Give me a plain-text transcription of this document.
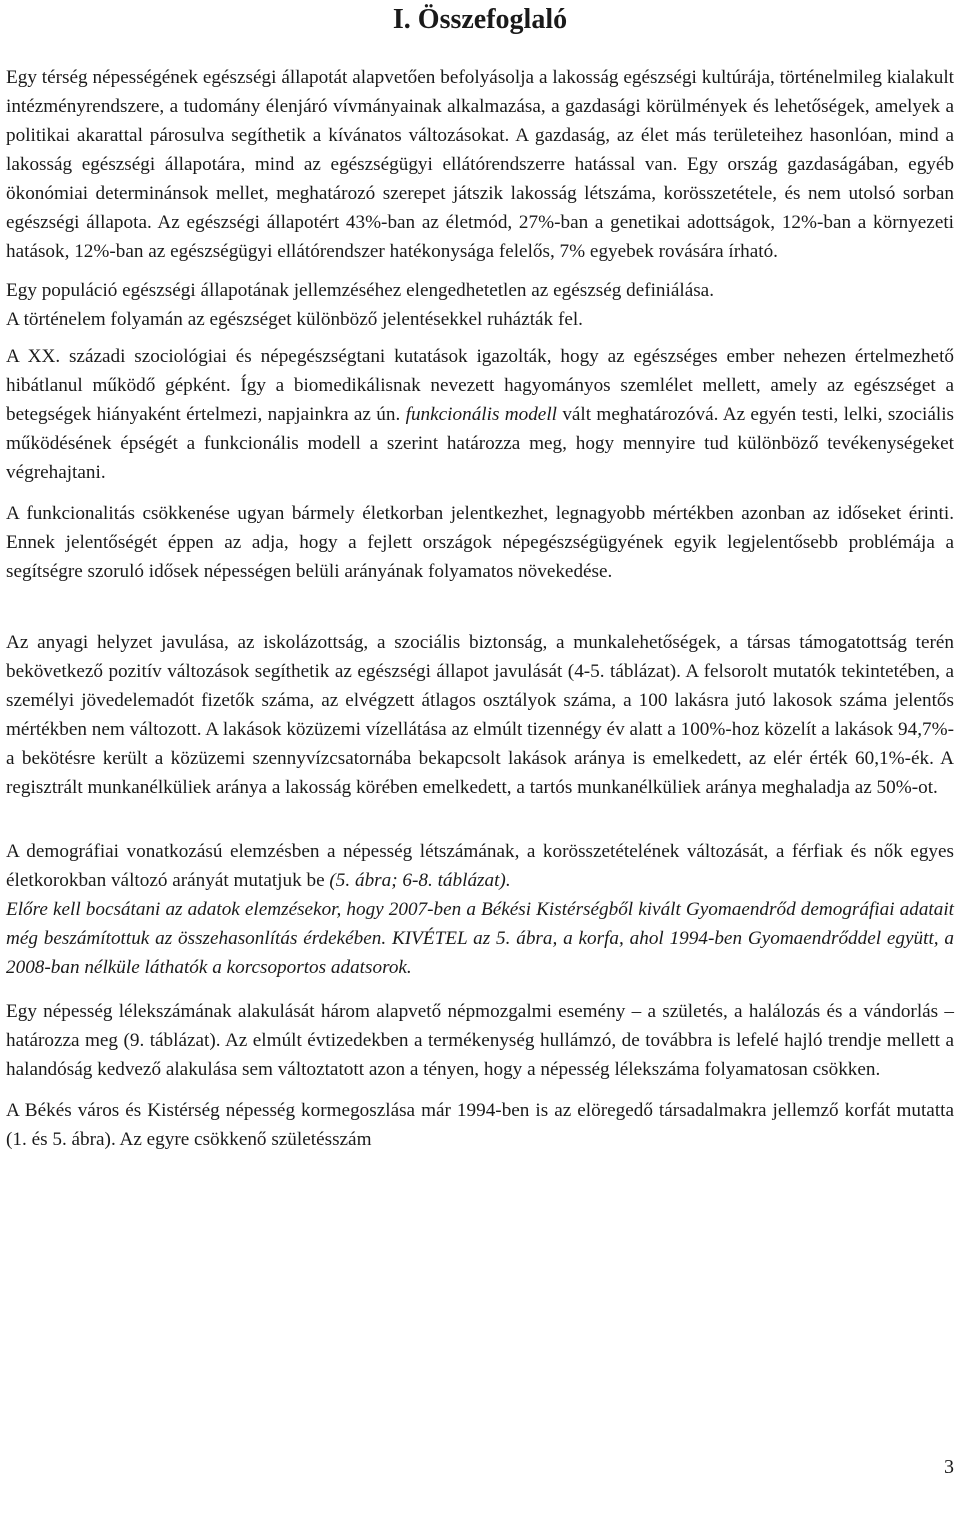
I. Összefoglaló

Egy térség népességének egészségi állapotát alapvetően befolyásolja a lakosság egészségi kultúrája, történelmileg kialakult intézményrendszere, a tudomány élenjáró vívmányainak alkalmazása, a gazdasági körülmények és lehetőségek, amelyek a politikai akarattal párosulva segíthetik a kívánatos változásokat. A gazdaság, az élet más területeihez hasonlóan, mind a lakosság egészségi állapotára, mind az egészségügyi ellátórendszerre hatással van. Egy ország gazdaságában, egyéb ökonómiai determinánsok mellet, meghatározó szerepet játszik lakosság létszáma, korösszetétele, és nem utolsó sorban egészségi állapota. Az egészségi állapotért 43%-ban az életmód, 27%-ban a genetikai adottságok, 12%-ban a környezeti hatások, 12%-ban az egészségügyi ellátórendszer hatékonysága felelős, 7% egyebek rovására írható.

Egy populáció egészségi állapotának jellemzéséhez elengedhetetlen az egészség definiálása.
A történelem folyamán az egészséget különböző jelentésekkel ruházták fel.

A XX. századi szociológiai és népegészségtani kutatások igazolták, hogy az egészséges ember nehezen értelmezhető hibátlanul működő gépként. Így a biomedikálisnak nevezett hagyományos szemlélet mellett, amely az egészséget a betegségek hiányaként értelmezi, napjainkra az ún. funkcionális modell vált meghatározóvá. Az egyén testi, lelki, szociális működésének épségét a funkcionális modell a szerint határozza meg, hogy mennyire tud különböző tevékenységeket végrehajtani.

A funkcionalitás csökkenése ugyan bármely életkorban jelentkezhet, legnagyobb mértékben azonban az időseket érinti. Ennek jelentőségét éppen az adja, hogy a fejlett országok népegészségügyének egyik legjelentősebb problémája a segítségre szoruló idősek népességen belüli arányának folyamatos növekedése.

Az anyagi helyzet javulása, az iskolázottság, a szociális biztonság, a munkalehetőségek, a társas támogatottság terén bekövetkező pozitív változások segíthetik az egészségi állapot javulását (4-5. táblázat). A felsorolt mutatók tekintetében, a személyi jövedelemadót fizetők száma, az elvégzett átlagos osztályok száma, a 100 lakásra jutó lakosok száma jelentős mértékben nem változott. A lakások közüzemi vízellátása az elmúlt tizennégy év alatt a 100%-hoz közelít a lakások 94,7%-a bekötésre került a közüzemi szennyvízcsatornába bekapcsolt lakások aránya is emelkedett, az elér érték 60,1%-ék. A regisztrált munkanélküliek aránya a lakosság körében emelkedett, a tartós munkanélküliek aránya meghaladja az 50%-ot.

A demográfiai vonatkozású elemzésben a népesség létszámának, a korösszetételének változását, a férfiak és nők egyes életkorokban változó arányát mutatjuk be (5. ábra; 6-8. táblázat).

Előre kell bocsátani az adatok elemzésekor, hogy 2007-ben a Békési Kistérségből kivált Gyomaendrőd demográfiai adatait még beszámítottuk az összehasonlítás érdekében. KIVÉTEL az 5. ábra, a korfa, ahol 1994-ben Gyomaendrőddel együtt, a 2008-ban nélküle láthatók a korcsoportos adatsorok.

Egy népesség lélekszámának alakulását három alapvető népmozgalmi esemény – a születés, a halálozás és a vándorlás – határozza meg (9. táblázat). Az elmúlt évtizedekben a termékenység hullámzó, de továbbra is lefelé hajló trendje mellett a halandóság kedvező alakulása sem változtatott azon a tényen, hogy a népesség lélekszáma folyamatosan csökken.

A Békés város és Kistérség népesség kormegoszlása már 1994-ben is az elöregedő társadalmakra jellemző korfát mutatta (1. és 5. ábra). Az egyre csökkenő születésszám

3
